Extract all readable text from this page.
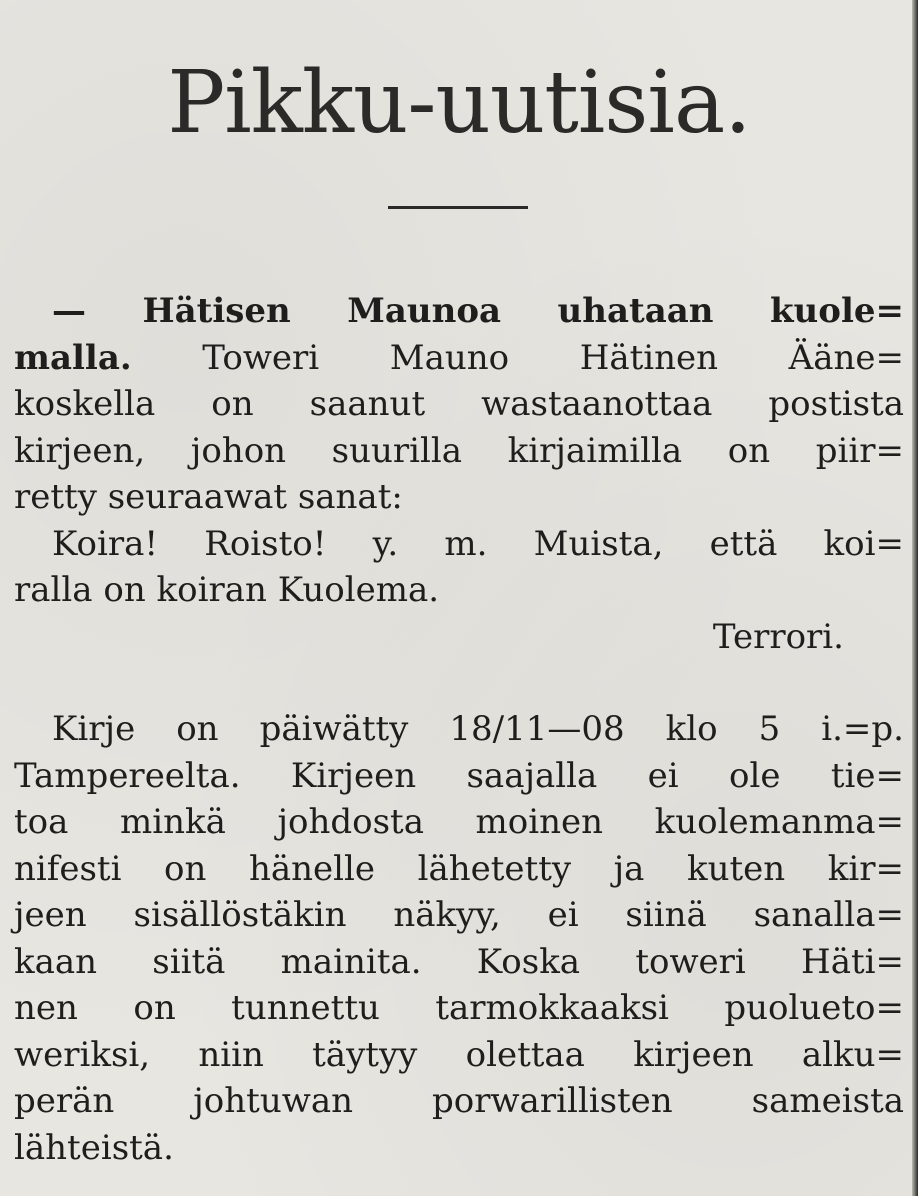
Pikku-uutisia.
— Hätisen Maunoa uhataan kuole=
malla. Toweri Mauno Hätinen Ääne=
koskella on saanut wastaanottaa postista
kirjeen, johon suurilla kirjaimilla on piir=
retty seuraawat sanat:
Koira! Roisto! y. m. Muista, että koi=
ralla on koiran Kuolema.
Terrori.
Kirje on päiwätty 18/11—08 klo 5 i.=p.
Tampereelta. Kirjeen saajalla ei ole tie=
toa minkä johdosta moinen kuolemanma=
nifesti on hänelle lähetetty ja kuten kir=
jeen sisällöstäkin näkyy, ei siinä sanalla=
kaan siitä mainita. Koska toweri Häti=
nen on tunnettu tarmokkaaksi puolueto=
weriksi, niin täytyy olettaa kirjeen alku=
perän johtuwan porwarillisten sameista
lähteistä.
